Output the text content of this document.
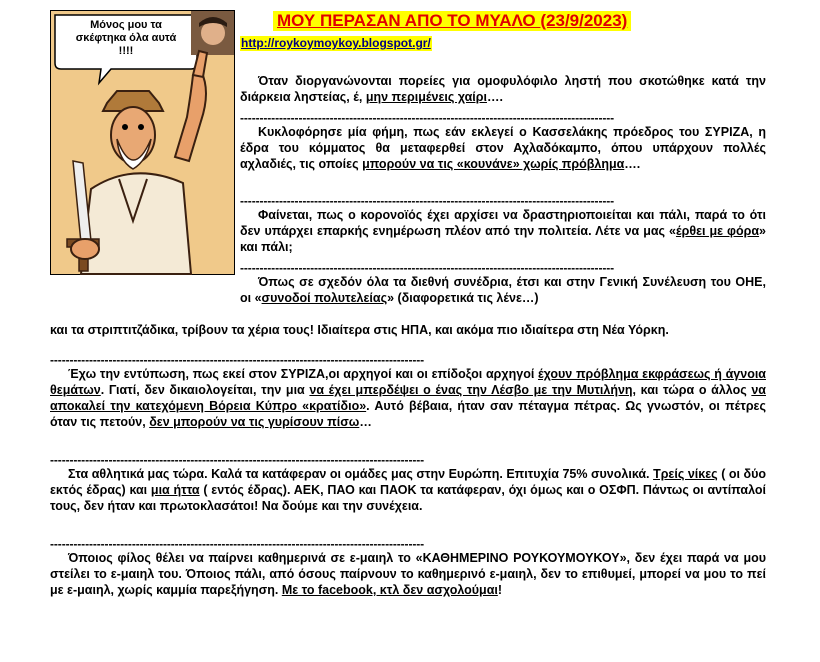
Μόνος μου τα σκέφτηκα όλα αυτά !!!!
ΜΟΥ ΠΕΡΑΣΑΝ ΑΠΟ ΤΟ ΜΥΑΛΟ (23/9/2023)
http://roykoymoykoy.blogspot.gr/
Όταν διοργανώνονται πορείες για ομοφυλόφιλο ληστή που σκοτώθηκε κατά την διάρκεια ληστείας, έ, μην περιμένεις χαίρι….
------------------------------------------------------------------------------------------------
Κυκλοφόρησε μία φήμη, πως εάν εκλεγεί ο Κασσελάκης πρόεδρος του ΣΥΡΙΖΑ, η έδρα του κόμματος θα μεταφερθεί στον Αχλαδόκαμπο, όπου υπάρχουν πολλές αχλαδιές, τις οποίες μπορούν να τις «κουνάνε» χωρίς πρόβλημα….
------------------------------------------------------------------------------------------------
Φαίνεται, πως ο κορονοϊός έχει αρχίσει να δραστηριοποιείται και πάλι, παρά το ότι δεν υπάρχει επαρκής ενημέρωση πλέον από την πολιτεία. Λέτε να μας «έρθει με φόρα» και πάλι;
------------------------------------------------------------------------------------------------
Όπως σε σχεδόν όλα τα διεθνή συνέδρια, έτσι και στην Γενική Συνέλευση του ΟΗΕ, οι «συνοδοί πολυτελείας» (διαφορετικά τις λένε…)
και τα στριπτιτζάδικα, τρίβουν τα χέρια τους! Ιδιαίτερα στις ΗΠΑ, και ακόμα πιο ιδιαίτερα στη Νέα Υόρκη.
------------------------------------------------------------------------------------------------
Έχω την εντύπωση, πως εκεί στον ΣΥΡΙΖΑ,οι αρχηγοί και οι επίδοξοι αρχηγοί έχουν πρόβλημα εκφράσεως ή άγνοια θεμάτων. Γιατί, δεν δικαιολογείται, την μια να έχει μπερδέψει ο ένας την Λέσβο με την Μυτιλήνη, και τώρα ο άλλος να αποκαλεί την κατεχόμενη Βόρεια Κύπρο «κρατίδιο». Αυτό βέβαια, ήταν σαν πέταγμα πέτρας. Ως γνωστόν, οι πέτρες όταν τις πετούν, δεν μπορούν να τις γυρίσουν πίσω…
------------------------------------------------------------------------------------------------
Στα αθλητικά μας τώρα. Καλά τα κατάφεραν οι ομάδες μας στην Ευρώπη. Επιτυχία 75% συνολικά. Τρείς νίκες ( οι δύο εκτός έδρας) και μια ήττα ( εντός έδρας). ΑΕΚ, ΠΑΟ και ΠΑΟΚ τα κατάφεραν, όχι όμως και ο ΟΣΦΠ. Πάντως οι αντίπαλοί τους, δεν ήταν και πρωτοκλασάτοι! Να δούμε και την συνέχεια.
------------------------------------------------------------------------------------------------
Όποιος φίλος θέλει να παίρνει καθημερινά σε ε-μαιηλ το «ΚΑΘΗΜΕΡΙΝΟ ΡΟΥΚΟΥΜΟΥΚΟΥ», δεν έχει παρά να μου στείλει το ε-μαιηλ του. Όποιος πάλι, από όσους παίρνουν το καθημερινό ε-μαιηλ, δεν το επιθυμεί, μπορεί να μου το πεί με ε-μαιηλ, χωρίς καμμία παρεξήγηση. Με το facebook, κτλ δεν ασχολούμαι!
